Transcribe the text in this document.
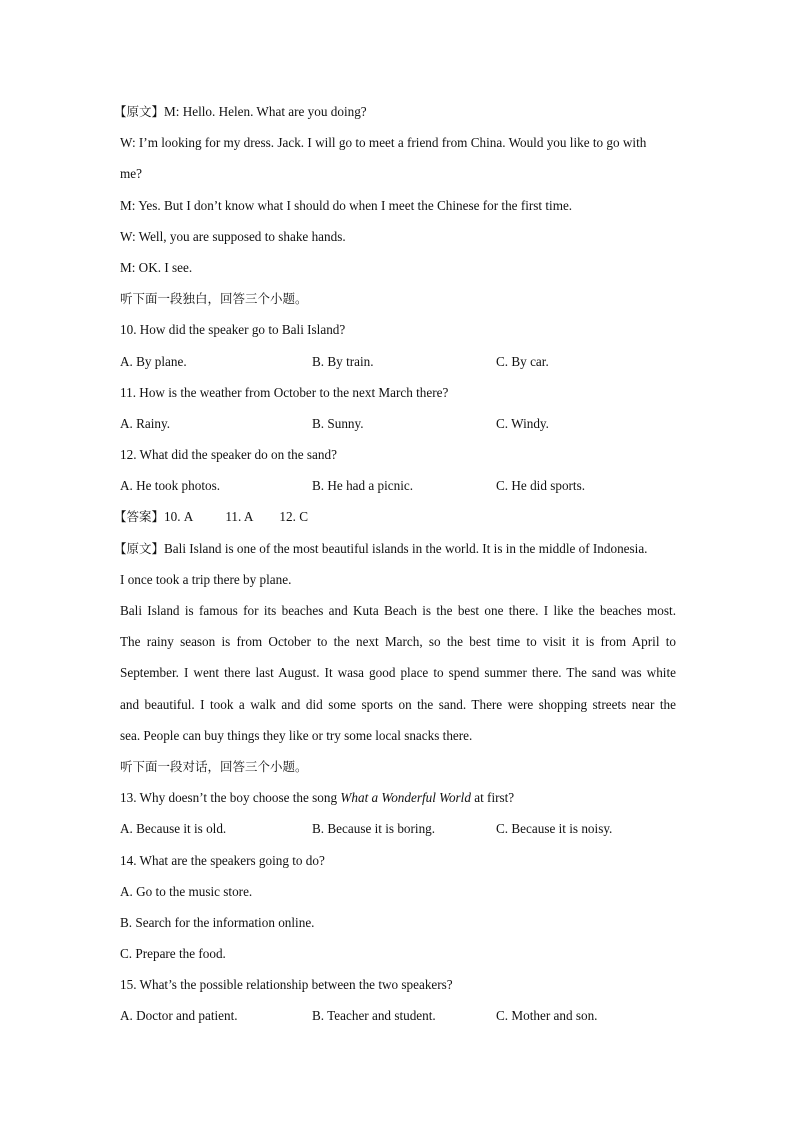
【原文】M: Hello. Helen. What are you doing?
W: I’m looking for my dress. Jack. I will go to meet a friend from China. Would you like to go with
me?
M: Yes. But I don’t know what I should do when I meet the Chinese for the first time.
W: Well, you are supposed to shake hands.
M: OK. I see.
听下面一段独白，回答三个小题。
10. How did the speaker go to Bali Island?
A. By plane.	B. By train.	C. By car.
11. How is the weather from October to the next March there?
A. Rainy.	B. Sunny.	C. Windy.
12. What did the speaker do on the sand?
A. He took photos.	B. He had a picnic.	C. He did sports.
【答案】10. A 11. A 12. C
【原文】Bali Island is one of the most beautiful islands in the world. It is in the middle of Indonesia.
I once took a trip there by plane.
Bali Island is famous for its beaches and Kuta Beach is the best one there. I like the beaches most.
The rainy season is from October to the next March, so the best time to visit it is from April to
September. I went there last August. It wasa good place to spend summer there. The sand was white
and beautiful. I took a walk and did some sports on the sand. There were shopping streets near the
sea. People can buy things they like or try some local snacks there.
听下面一段对话，回答三个小题。
13. Why doesn’t the boy choose the song What a Wonderful World at first?
A. Because it is old.	B. Because it is boring.	C. Because it is noisy.
14. What are the speakers going to do?
A. Go to the music store.
B. Search for the information online.
C. Prepare the food.
15. What’s the possible relationship between the two speakers?
A. Doctor and patient.	B. Teacher and student.	C. Mother and son.
